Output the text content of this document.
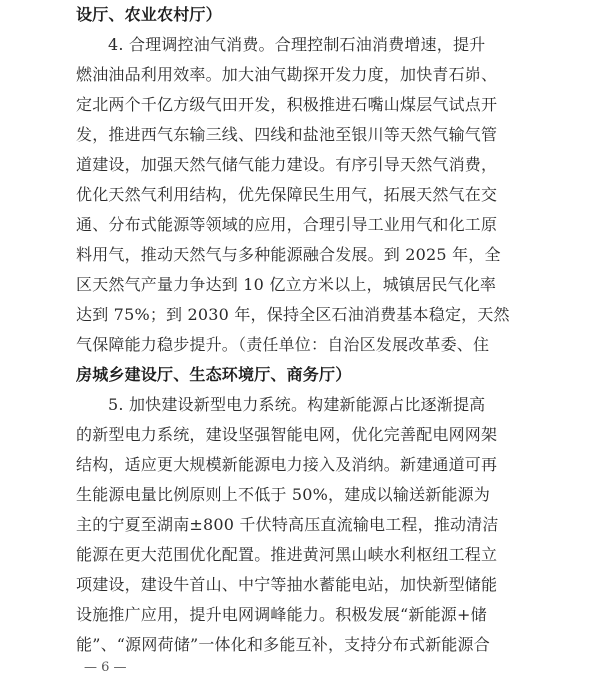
设厅、农业农村厅）
4. 合理调控油气消费。合理控制石油消费增速，提升
燃油油品利用效率。加大油气勘探开发力度，加快青石峁、
定北两个千亿方级气田开发，积极推进石嘴山煤层气试点开
发，推进西气东输三线、四线和盐池至银川等天然气输气管
道建设，加强天然气储气能力建设。有序引导天然气消费，
优化天然气利用结构，优先保障民生用气，拓展天然气在交
通、分布式能源等领域的应用，合理引导工业用气和化工原
料用气，推动天然气与多种能源融合发展。到 2025 年，全
区天然气产量力争达到 10 亿立方米以上，城镇居民气化率
达到 75%；到 2030 年，保持全区石油消费基本稳定，天然
气保障能力稳步提升。（责任单位：自治区发展改革委、住
房城乡建设厅、生态环境厅、商务厅）
5. 加快建设新型电力系统。构建新能源占比逐渐提高
的新型电力系统，建设坚强智能电网，优化完善配电网网架
结构，适应更大规模新能源电力接入及消纳。新建通道可再
生能源电量比例原则上不低于 50%，建成以输送新能源为
主的宁夏至湖南±800 千伏特高压直流输电工程，推动清洁
能源在更大范围优化配置。推进黄河黑山峡水利枢纽工程立
项建设，建设牛首山、中宁等抽水蓄能电站，加快新型储能
设施推广应用，提升电网调峰能力。积极发展“新能源+储
能”、“源网荷储”一体化和多能互补，支持分布式新能源合
— 6 —
